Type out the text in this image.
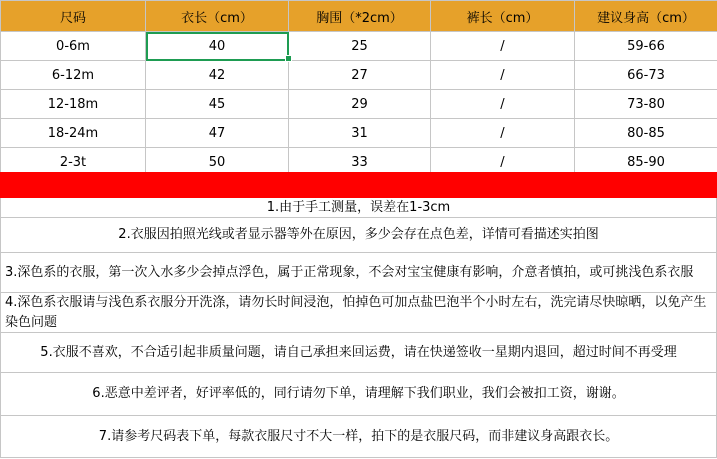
尺码	衣长（cm）	胸围（*2cm）	裤长（cm）	建议身高（cm）
0-6m	40	25	/	59-66
6-12m	42	27	/	66-73
12-18m	45	29	/	73-80
18-24m	47	31	/	80-85
2-3t	50	33	/	85-90
1.由于手工测量，误差在1-3cm
2.衣服因拍照光线或者显示器等外在原因，多少会存在点色差，详情可看描述实拍图
3.深色系的衣服，第一次入水多少会掉点浮色，属于正常现象，不会对宝宝健康有影响，介意者慎拍，或可挑浅色系衣服
4.深色系衣服请与浅色系衣服分开洗涤，请勿长时间浸泡，怕掉色可加点盐巴泡半个小时左右，洗完请尽快晾晒，以免产生染色问题
5.衣服不喜欢，不合适引起非质量问题，请自己承担来回运费，请在快递签收一星期内退回，超过时间不再受理
6.恶意中差评者，好评率低的，同行请勿下单，请理解下我们职业，我们会被扣工资，谢谢。
7.请参考尺码表下单，每款衣服尺寸不大一样，拍下的是衣服尺码，而非建议身高跟衣长。
